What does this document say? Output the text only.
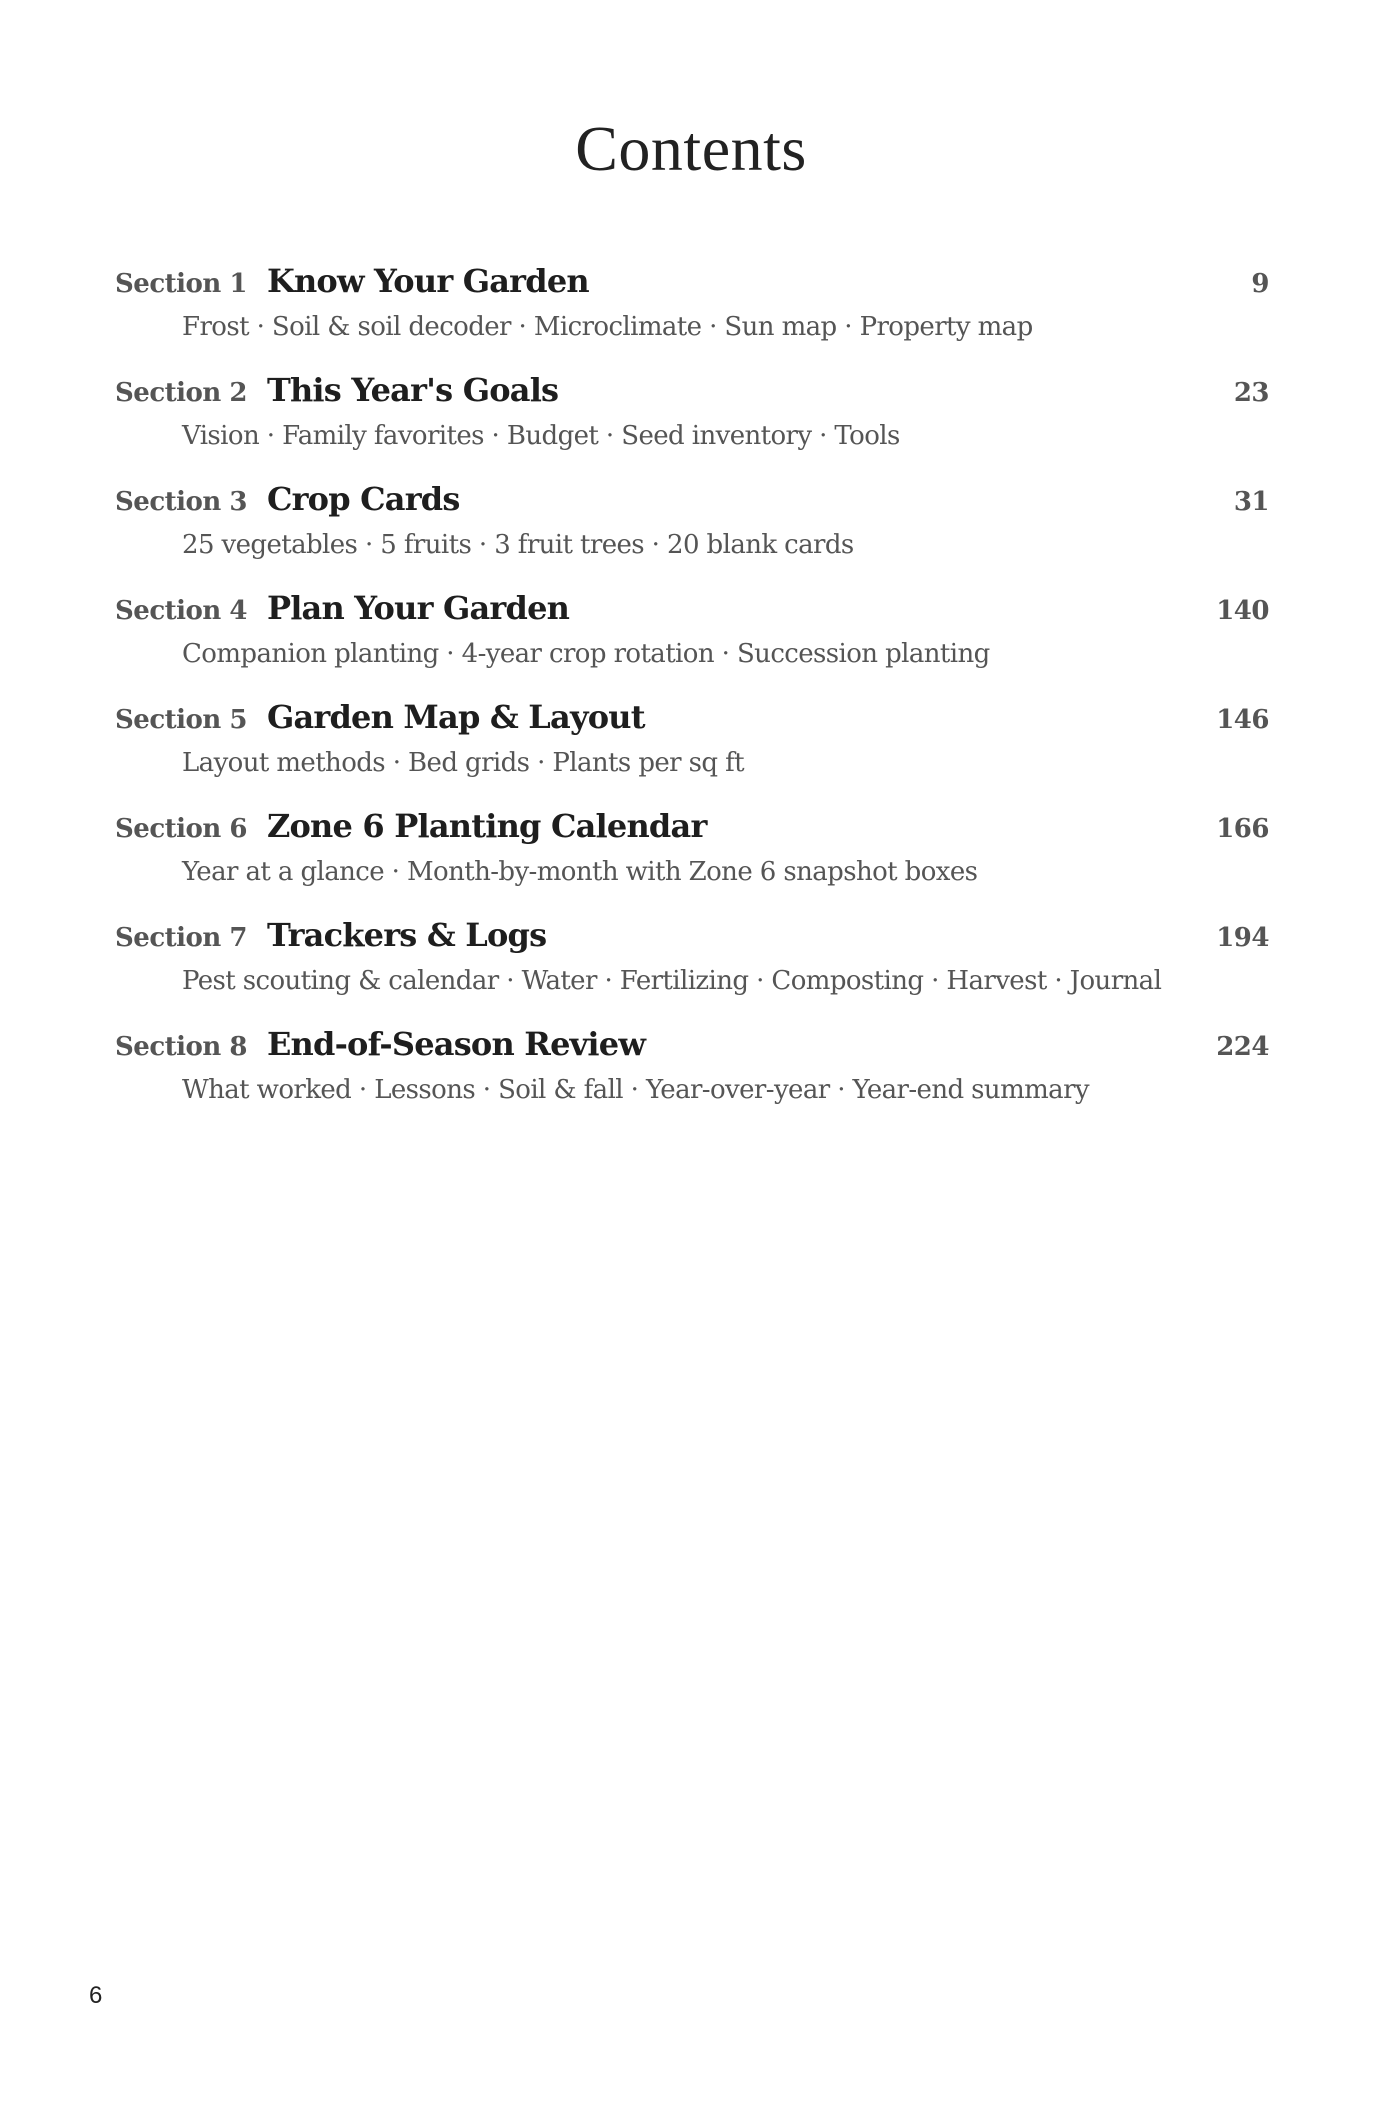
Contents
Section 1 Know Your Garden	9
Frost · Soil & soil decoder · Microclimate · Sun map · Property map
Section 2 This Year's Goals	23
Vision · Family favorites · Budget · Seed inventory · Tools
Section 3 Crop Cards	31
25 vegetables · 5 fruits · 3 fruit trees · 20 blank cards
Section 4 Plan Your Garden	140
Companion planting · 4-year crop rotation · Succession planting
Section 5 Garden Map & Layout	146
Layout methods · Bed grids · Plants per sq ft
Section 6 Zone 6 Planting Calendar	166
Year at a glance · Month-by-month with Zone 6 snapshot boxes
Section 7 Trackers & Logs	194
Pest scouting & calendar · Water · Fertilizing · Composting · Harvest · Journal
Section 8 End-of-Season Review	224
What worked · Lessons · Soil & fall · Year-over-year · Year-end summary
6
